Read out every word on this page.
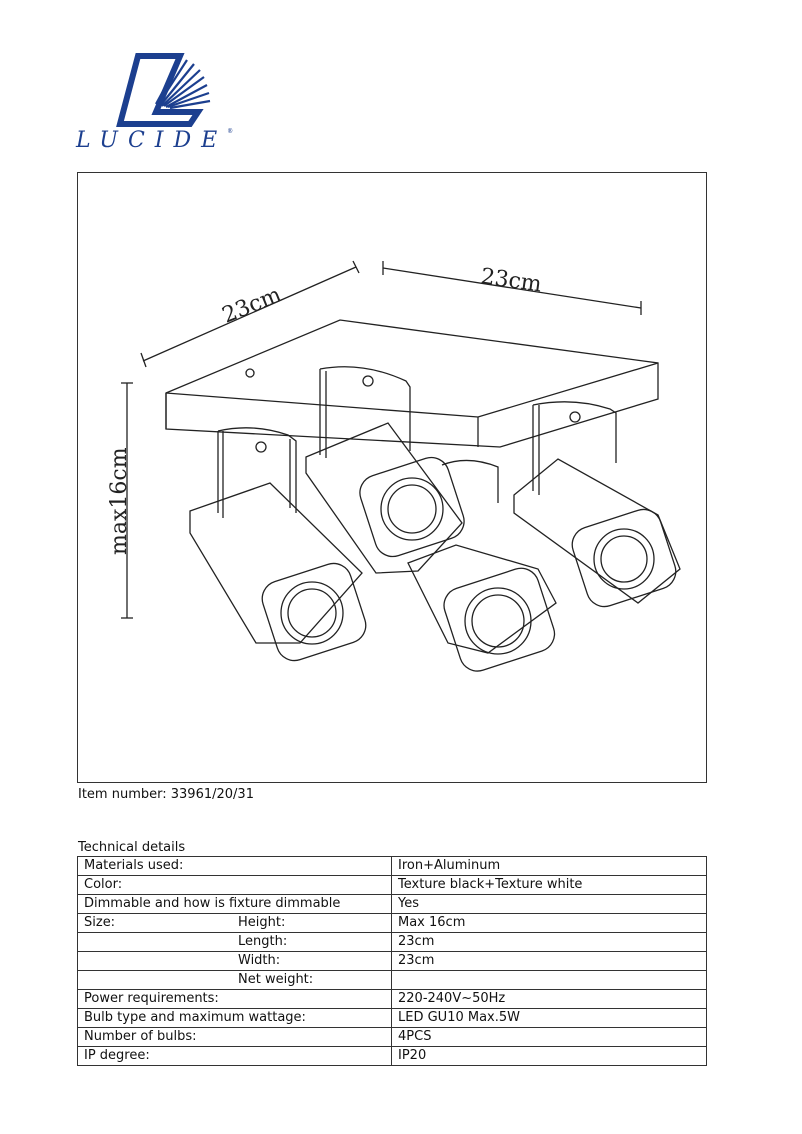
LUCIDE®
23cm
23cm
max16cm
Item number: 33961/20/31
Technical details
Materials used:	Iron+Aluminum
Color:	Texture black+Texture white
Dimmable and how is fixture dimmable	Yes
Size: Height:	Max 16cm

Length:	23cm

Width:	23cm

Net weight:	

Power requirements:	220-240V~50Hz
Bulb type and maximum wattage:	LED GU10 Max.5W
Number of bulbs:	4PCS
IP degree:	IP20
